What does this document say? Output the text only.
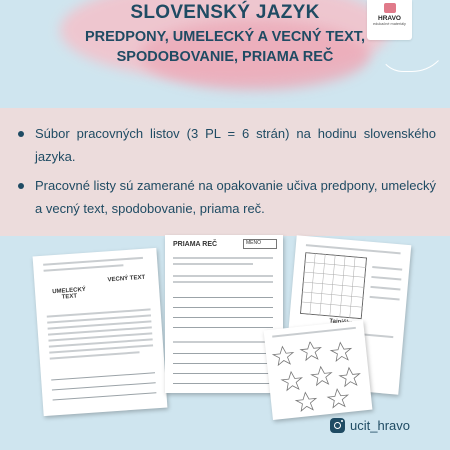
SLOVENSKÝ JAZYK
PREDPONY, UMELECKÝ A VECNÝ TEXT,
SPODOBOVANIE, PRIAMA REČ
HRAVO
edukačné materiály
Súbor pracovných listov (3 PL = 6 strán) na hodinu slovenského jazyka.
Pracovné listy sú zamerané na opakovanie učiva predpony, umelecký a vecný text, spodobovanie, priama reč.
UMELECKÝ TEXT
VECNÝ TEXT
PRIAMA REČ	MENO
ucit_hravo
